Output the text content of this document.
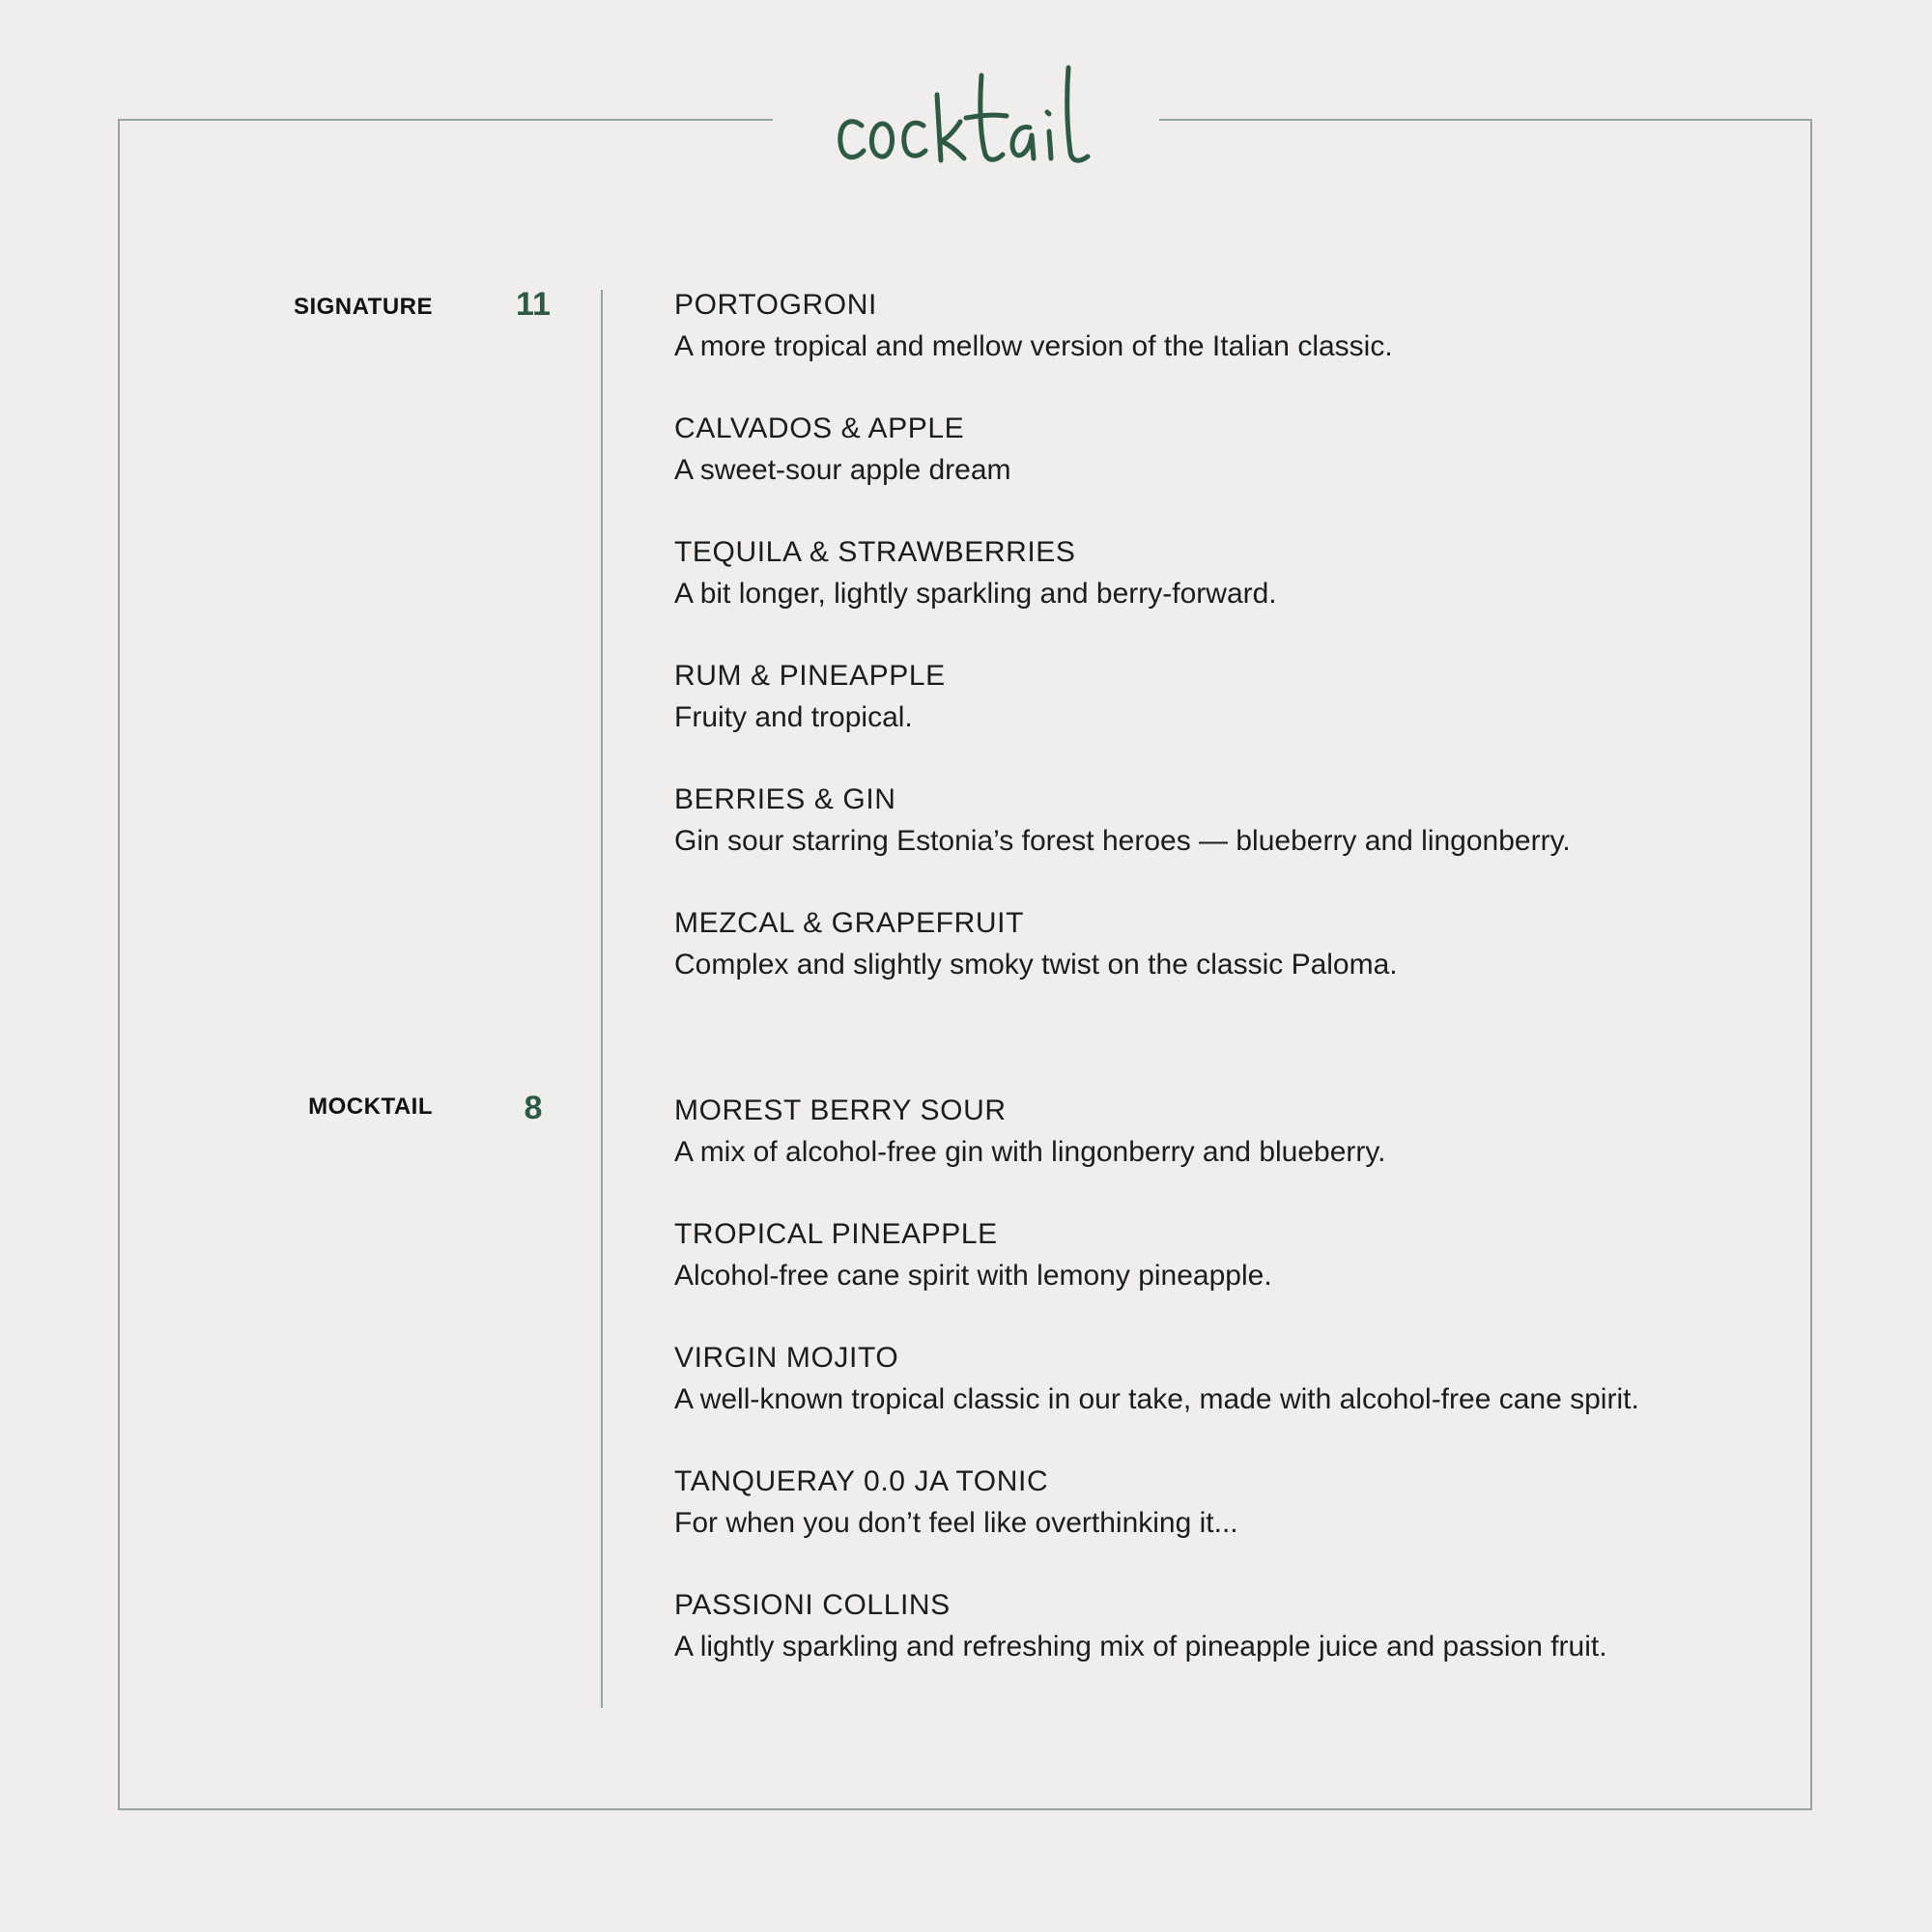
SIGNATURE	11	PORTOGRONI
A more tropical and mellow version of the Italian classic.
CALVADOS & APPLE
A sweet-sour apple dream
TEQUILA & STRAWBERRIES
A bit longer, lightly sparkling and berry-forward.
RUM & PINEAPPLE
Fruity and tropical.
BERRIES & GIN
Gin sour starring Estonia’s forest heroes — blueberry and lingonberry.
MEZCAL & GRAPEFRUIT
Complex and slightly smoky twist on the classic Paloma.
MOCKTAIL	8	MOREST BERRY SOUR
A mix of alcohol-free gin with lingonberry and blueberry.
TROPICAL PINEAPPLE
Alcohol-free cane spirit with lemony pineapple.
VIRGIN MOJITO
A well-known tropical classic in our take, made with alcohol-free cane spirit.
TANQUERAY 0.0 JA TONIC
For when you don’t feel like overthinking it...
PASSIONI COLLINS
A lightly sparkling and refreshing mix of pineapple juice and passion fruit.
